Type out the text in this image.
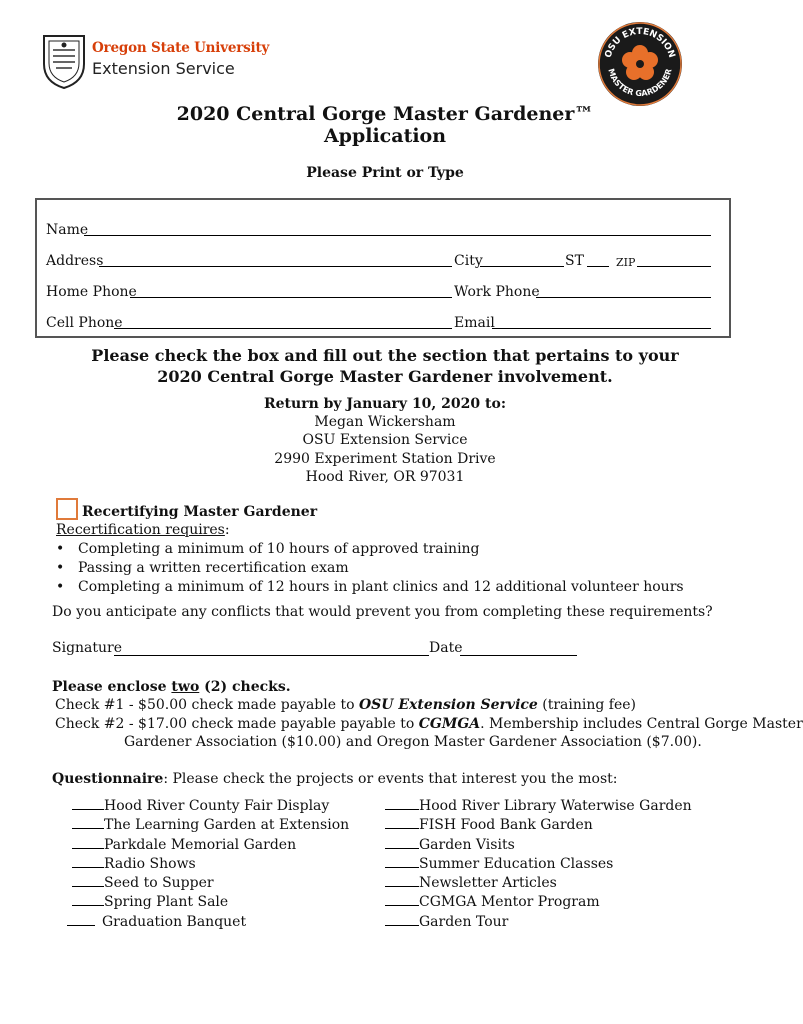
Oregon State University
Extension Service
OSU EXTENSION
MASTER GARDENER
2020 Central Gorge Master Gardener™
Application
Please Print or Type
Name
Address	City	ST	ZIP
Home Phone	Work Phone
Cell Phone	Email
Please check the box and fill out the section that pertains to your
2020 Central Gorge Master Gardener involvement.
Return by January 10, 2020 to:
Megan Wickersham
OSU Extension Service
2990 Experiment Station Drive
Hood River, OR 97031
Recertifying Master Gardener
Recertification requires:
• Completing a minimum of 10 hours of approved training
• Passing a written recertification exam
• Completing a minimum of 12 hours in plant clinics and 12 additional volunteer hours
Do you anticipate any conflicts that would prevent you from completing these requirements?
Signature	Date
Please enclose two (2) checks.
Check #1 - $50.00 check made payable to OSU Extension Service (training fee)
Check #2 - $17.00 check made payable payable to CGMGA. Membership includes Central Gorge Master
Gardener Association ($10.00) and Oregon Master Gardener Association ($7.00).
Questionnaire: Please check the projects or events that interest you the most:
Hood River County Fair Display
The Learning Garden at Extension
Parkdale Memorial Garden
Radio Shows
Seed to Supper
Spring Plant Sale
Graduation Banquet
Hood River Library Waterwise Garden
FISH Food Bank Garden
Garden Visits
Summer Education Classes
Newsletter Articles
CGMGA Mentor Program
Garden Tour
